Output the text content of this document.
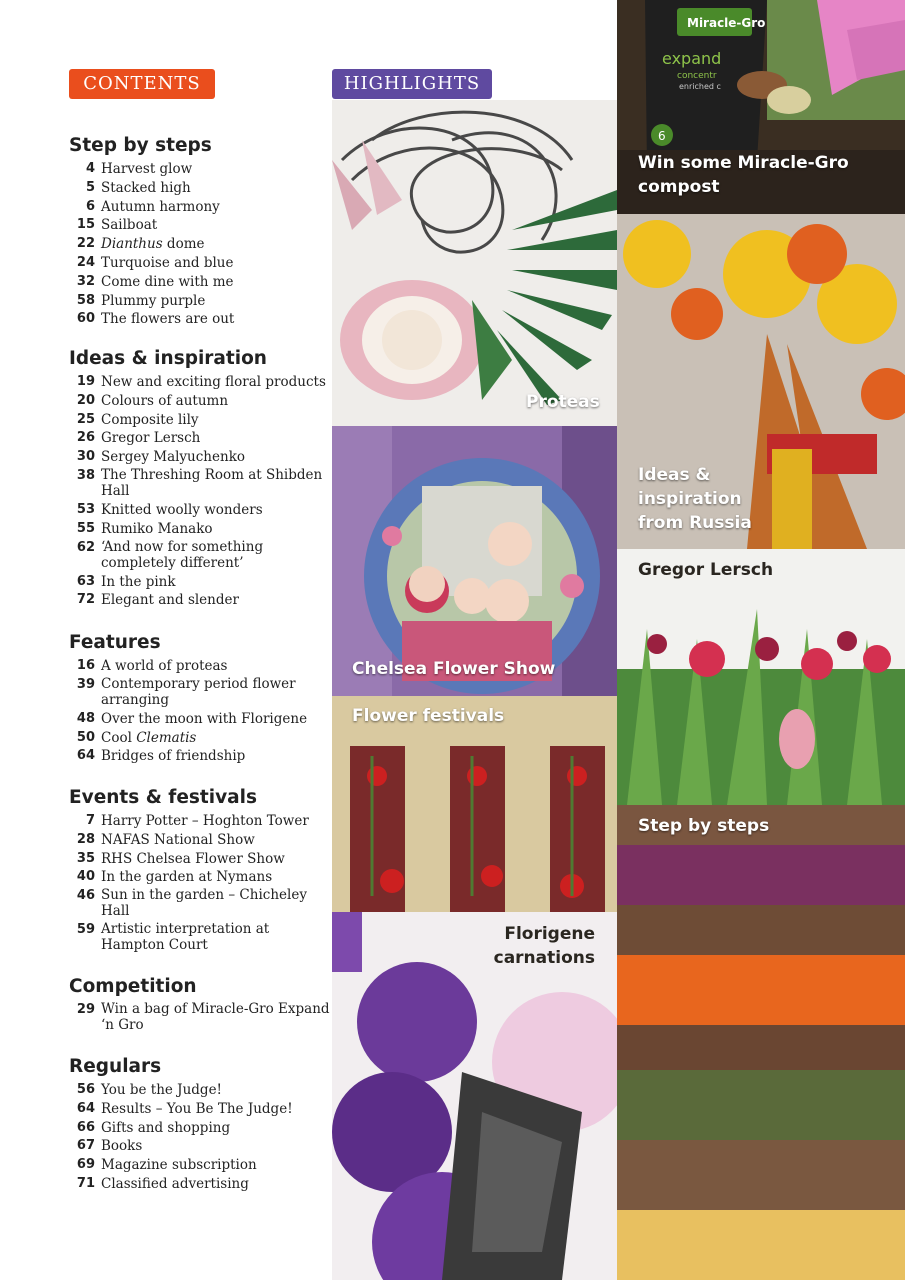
CONTENTS
Step by steps
4 Harvest glow
5 Stacked high
6 Autumn harmony
15 Sailboat
22 Dianthus dome
24 Turquoise and blue
32 Come dine with me
58 Plummy purple
60 The flowers are out
Ideas & inspiration
19 New and exciting floral products
20 Colours of autumn
25 Composite lily
26 Gregor Lersch
30 Sergey Malyuchenko
38 The Threshing Room at Shibden Hall
53 Knitted woolly wonders
55 Rumiko Manako
62 ‘And now for something completely different’
63 In the pink
72 Elegant and slender
Features
16 A world of proteas
39 Contemporary period flower arranging
48 Over the moon with Florigene
50 Cool Clematis
64 Bridges of friendship
Events & festivals
7 Harry Potter – Hoghton Tower
28 NAFAS National Show
35 RHS Chelsea Flower Show
40 In the garden at Nymans
46 Sun in the garden – Chicheley Hall
59 Artistic interpretation at Hampton Court
Competition
29 Win a bag of Miracle-Gro Expand ‘n Gro
Regulars
56 You be the Judge!
64 Results – You Be The Judge!
66 Gifts and shopping
67 Books
69 Magazine subscription
71 Classified advertising
HIGHLIGHTS
Proteas
Chelsea Flower Show
Flower festivals
Florigene
carnations
Miracle-Gro
expand
concentr
enriched c
6
Win some Miracle-Gro
compost
Ideas &
inspiration
from Russia
Gregor Lersch
Step by steps
